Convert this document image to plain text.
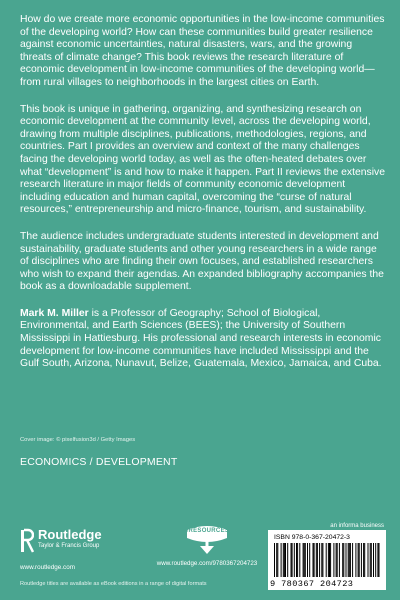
How do we create more economic opportunities in the low-income communities of the developing world? How can these communities build greater resilience against economic uncertainties, natural disasters, wars, and the growing threats of climate change? This book reviews the research literature of economic development in low-income communities of the developing world—from rural villages to neighborhoods in the largest cities on Earth.

This book is unique in gathering, organizing, and synthesizing research on economic development at the community level, across the developing world, drawing from multiple disciplines, publications, methodologies, regions, and countries. Part I provides an overview and context of the many challenges facing the developing world today, as well as the often-heated debates over what “development” is and how to make it happen. Part II reviews the extensive research literature in major fields of community economic development including education and human capital, overcoming the “curse of natural resources,” entrepreneurship and micro-finance, tourism, and sustainability.

The audience includes undergraduate students interested in development and sustainability, graduate students and other young researchers in a wide range of disciplines who are finding their own focuses, and established researchers who wish to expand their agendas. An expanded bibliography accompanies the book as a downloadable supplement.

Mark M. Miller is a Professor of Geography; School of Biological, Environmental, and Earth Sciences (BEES); the University of Southern Mississippi in Hattiesburg. His professional and research interests in economic development for low-income communities have included Mississippi and the Gulf South, Arizona, Nunavut, Belize, Guatemala, Mexico, Jamaica, and Cuba.

Cover image: © pixelfusion3d / Getty Images
ECONOMICS / DEVELOPMENT
Routledge
Taylor & Francis Group
www.routledge.com
eRESOURCES
www.routledge.com/9780367204723
an informa business
ISBN 978-0-367-20472-3
9 780367 204723
Routledge titles are available as eBook editions in a range of digital formats
